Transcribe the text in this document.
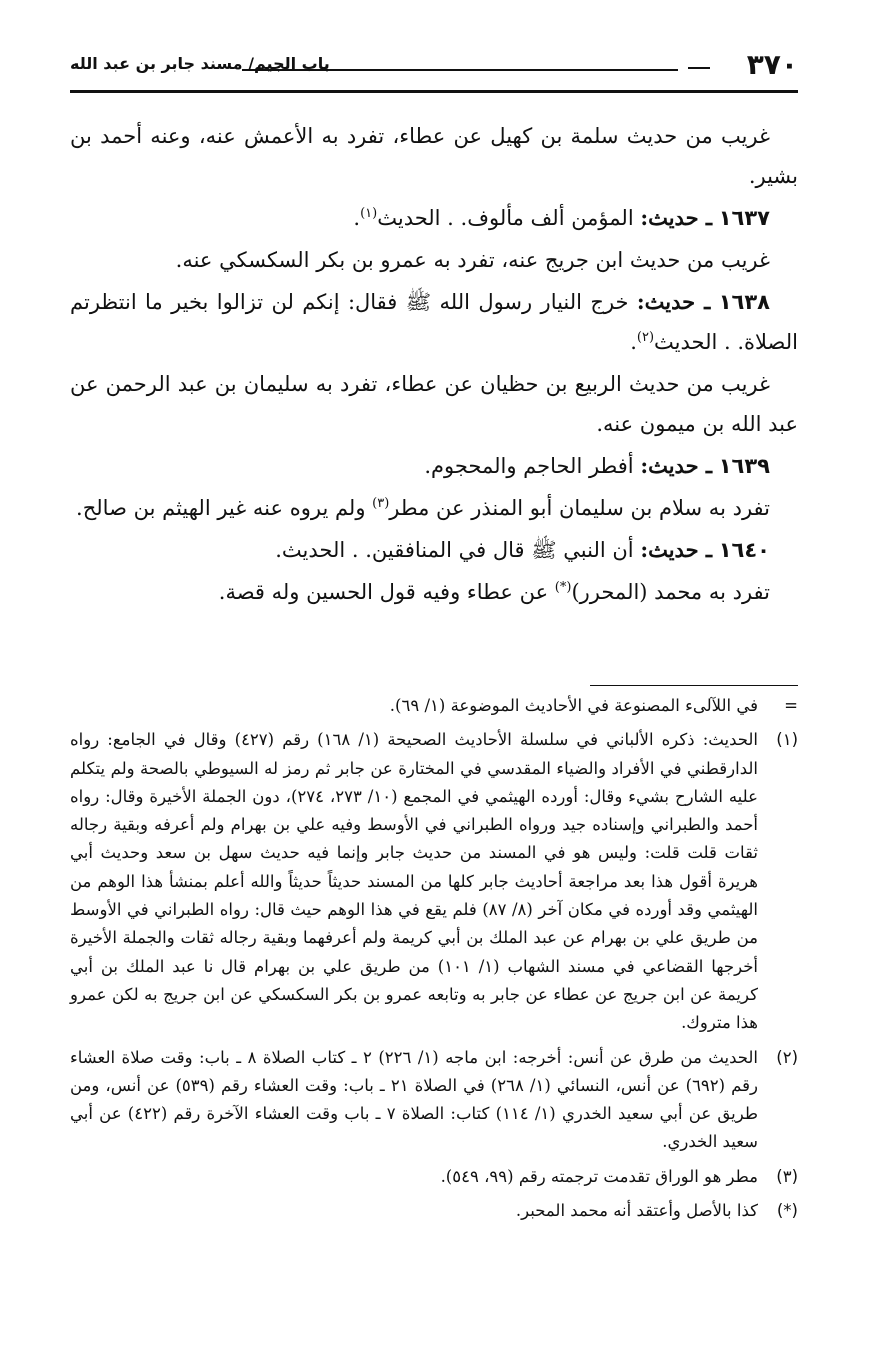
٣٧٠
باب الجيم/ مسند جابر بن عبد الله

غريب من حديث سلمة بن كهيل عن عطاء، تفرد به الأعمش عنه، وعنه أحمد بن بشير.

١٦٣٧ ـ حديث: المؤمن ألف مألوف. . الحديث$^{(١)}$.

غريب من حديث ابن جريج عنه، تفرد به عمرو بن بكر السكسكي عنه.

١٦٣٨ ـ حديث: خرج النيار رسول الله ﷺ فقال: إنكم لن تزالوا بخير ما انتظرتم الصلاة. . الحديث$^{(٢)}$.

غريب من حديث الربيع بن حظيان عن عطاء، تفرد به سليمان بن عبد الرحمن عن عبد الله بن ميمون عنه.

١٦٣٩ ـ حديث: أفطر الحاجم والمحجوم.

تفرد به سلام بن سليمان أبو المنذر عن مطر$^{(٣)}$ ولم يروه عنه غير الهيثم بن صالح.

١٦٤٠ ـ حديث: أن النبي ﷺ قال في المنافقين. . الحديث.

تفرد به محمد (المحرر)(*) عن عطاء وفيه قول الحسين وله قصة.

=
في اللآلىء المصنوعة في الأحاديث الموضوعة (١/ ٦٩).
(١)
الحديث: ذكره الألباني في سلسلة الأحاديث الصحيحة (١/ ١٦٨) رقم (٤٢٧) وقال في الجامع: رواه الدارقطني في الأفراد والضياء المقدسي في المختارة عن جابر ثم رمز له السيوطي بالصحة ولم يتكلم عليه الشارح بشيء وقال: أورده الهيثمي في المجمع (١٠/ ٢٧٣، ٢٧٤)، دون الجملة الأخيرة وقال: رواه أحمد والطبراني وإسناده جيد ورواه الطبراني في الأوسط وفيه علي بن بهرام ولم أعرفه وبقية رجاله ثقات قلت قلت: وليس هو في المسند من حديث جابر وإنما فيه حديث سهل بن سعد وحديث أبي هريرة أقول هذا بعد مراجعة أحاديث جابر كلها من المسند حديثاً حديثاً والله أعلم بمنشأ هذا الوهم من الهيثمي وقد أورده في مكان آخر (٨/ ٨٧) فلم يقع في هذا الوهم حيث قال: رواه الطبراني في الأوسط من طريق علي بن بهرام عن عبد الملك بن أبي كريمة ولم أعرفهما وبقية رجاله ثقات والجملة الأخيرة أخرجها القضاعي في مسند الشهاب (١/ ١٠١) من طريق علي بن بهرام قال نا عبد الملك بن أبي كريمة عن ابن جريج عن عطاء عن جابر به وتابعه عمرو بن بكر السكسكي عن ابن جريج به لكن عمرو هذا متروك.
(٢)
الحديث من طرق عن أنس: أخرجه: ابن ماجه (١/ ٢٢٦) ٢ ـ كتاب الصلاة ٨ ـ باب: وقت صلاة العشاء رقم (٦٩٢) عن أنس، النسائي (١/ ٢٦٨) في الصلاة ٢١ ـ باب: وقت العشاء رقم (٥٣٩) عن أنس، ومن طريق عن أبي سعيد الخدري (١/ ١١٤) كتاب: الصلاة ٧ ـ باب وقت العشاء الآخرة رقم (٤٢٢) عن أبي سعيد الخدري.
(٣)
مطر هو الوراق تقدمت ترجمته رقم (٩٩، ٥٤٩).
(*)
كذا بالأصل وأعتقد أنه محمد المحبر.
